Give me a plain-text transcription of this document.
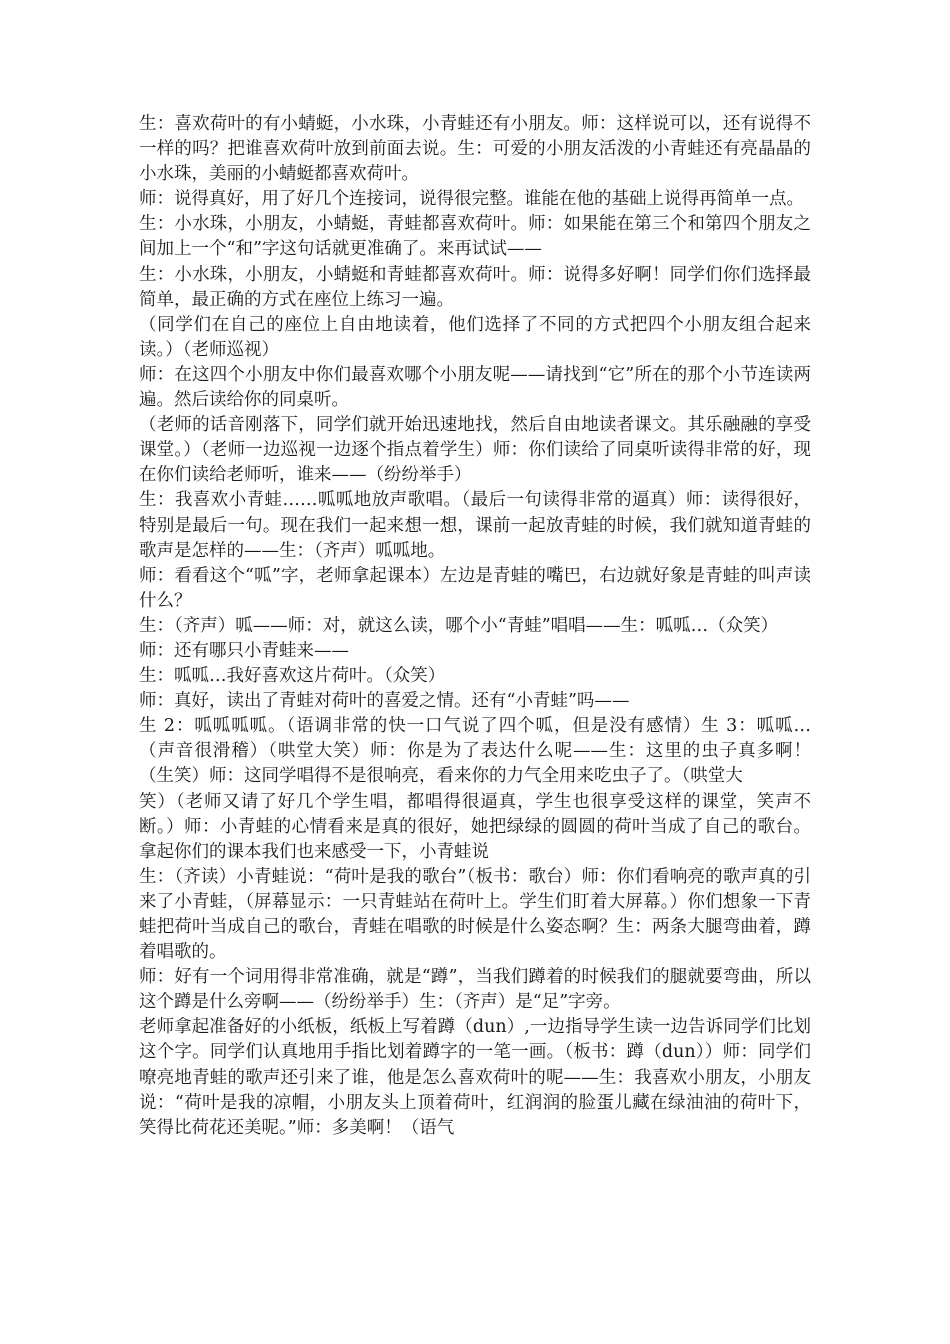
生：喜欢荷叶的有小蜻蜓，小水珠，小青蛙还有小朋友。师：这样说可以，还有说得不一样的吗？把谁喜欢荷叶放到前面去说。生：可爱的小朋友活泼的小青蛙还有亮晶晶的小水珠，美丽的小蜻蜓都喜欢荷叶。

师：说得真好，用了好几个连接词，说得很完整。谁能在他的基础上说得再简单一点。

生：小水珠，小朋友，小蜻蜓，青蛙都喜欢荷叶。师：如果能在第三个和第四个朋友之间加上一个“和”字这句话就更准确了。来再试试——

生：小水珠，小朋友，小蜻蜓和青蛙都喜欢荷叶。师：说得多好啊！同学们你们选择最简单，最正确的方式在座位上练习一遍。

（同学们在自己的座位上自由地读着，他们选择了不同的方式把四个小朋友组合起来读。）（老师巡视）

师：在这四个小朋友中你们最喜欢哪个小朋友呢——请找到“它”所在的那个小节连读两遍。然后读给你的同桌听。

（老师的话音刚落下，同学们就开始迅速地找，然后自由地读者课文。其乐融融的享受课堂。）（老师一边巡视一边逐个指点着学生）师：你们读给了同桌听读得非常的好，现在你们读给老师听，谁来——（纷纷举手）

生：我喜欢小青蛙……呱呱地放声歌唱。（最后一句读得非常的逼真）师：读得很好，特别是最后一句。现在我们一起来想一想，课前一起放青蛙的时候，我们就知道青蛙的歌声是怎样的——生：（齐声）呱呱地。

师：看看这个“呱”字，老师拿起课本）左边是青蛙的嘴巴，右边就好象是青蛙的叫声读什么？

生：（齐声）呱——师：对，就这么读，哪个小“青蛙”唱唱——生：呱呱…（众笑）

师：还有哪只小青蛙来——

生：呱呱…我好喜欢这片荷叶。（众笑）

师：真好，读出了青蛙对荷叶的喜爱之情。还有“小青蛙”吗——

生 2：呱呱呱呱。（语调非常的快一口气说了四个呱，但是没有感情）生 3：呱呱…（声音很滑稽）（哄堂大笑）师：你是为了表达什么呢——生：这里的虫子真多啊！（生笑）师：这同学唱得不是很响亮，看来你的力气全用来吃虫子了。（哄堂大

笑）（老师又请了好几个学生唱，都唱得很逼真，学生也很享受这样的课堂，笑声不断。）师：小青蛙的心情看来是真的很好，她把绿绿的圆圆的荷叶当成了自己的歌台。拿起你们的课本我们也来感受一下，小青蛙说

生：（齐读）小青蛙说：“荷叶是我的歌台”（板书：歌台）师：你们看响亮的歌声真的引来了小青蛙，（屏幕显示：一只青蛙站在荷叶上。学生们盯着大屏幕。）你们想象一下青蛙把荷叶当成自己的歌台，青蛙在唱歌的时候是什么姿态啊？生：两条大腿弯曲着，蹲着唱歌的。

师：好有一个词用得非常准确，就是“蹲”，当我们蹲着的时候我们的腿就要弯曲，所以这个蹲是什么旁啊——（纷纷举手）生：（齐声）是“足”字旁。

老师拿起准备好的小纸板，纸板上写着蹲（dun）,一边指导学生读一边告诉同学们比划这个字。同学们认真地用手指比划着蹲字的一笔一画。（板书：蹲（dun））师：同学们嘹亮地青蛙的歌声还引来了谁，他是怎么喜欢荷叶的呢——生：我喜欢小朋友，小朋友说：“荷叶是我的凉帽，小朋友头上顶着荷叶，红润润的脸蛋儿藏在绿油油的荷叶下，笑得比荷花还美呢。”师：多美啊！（语气
